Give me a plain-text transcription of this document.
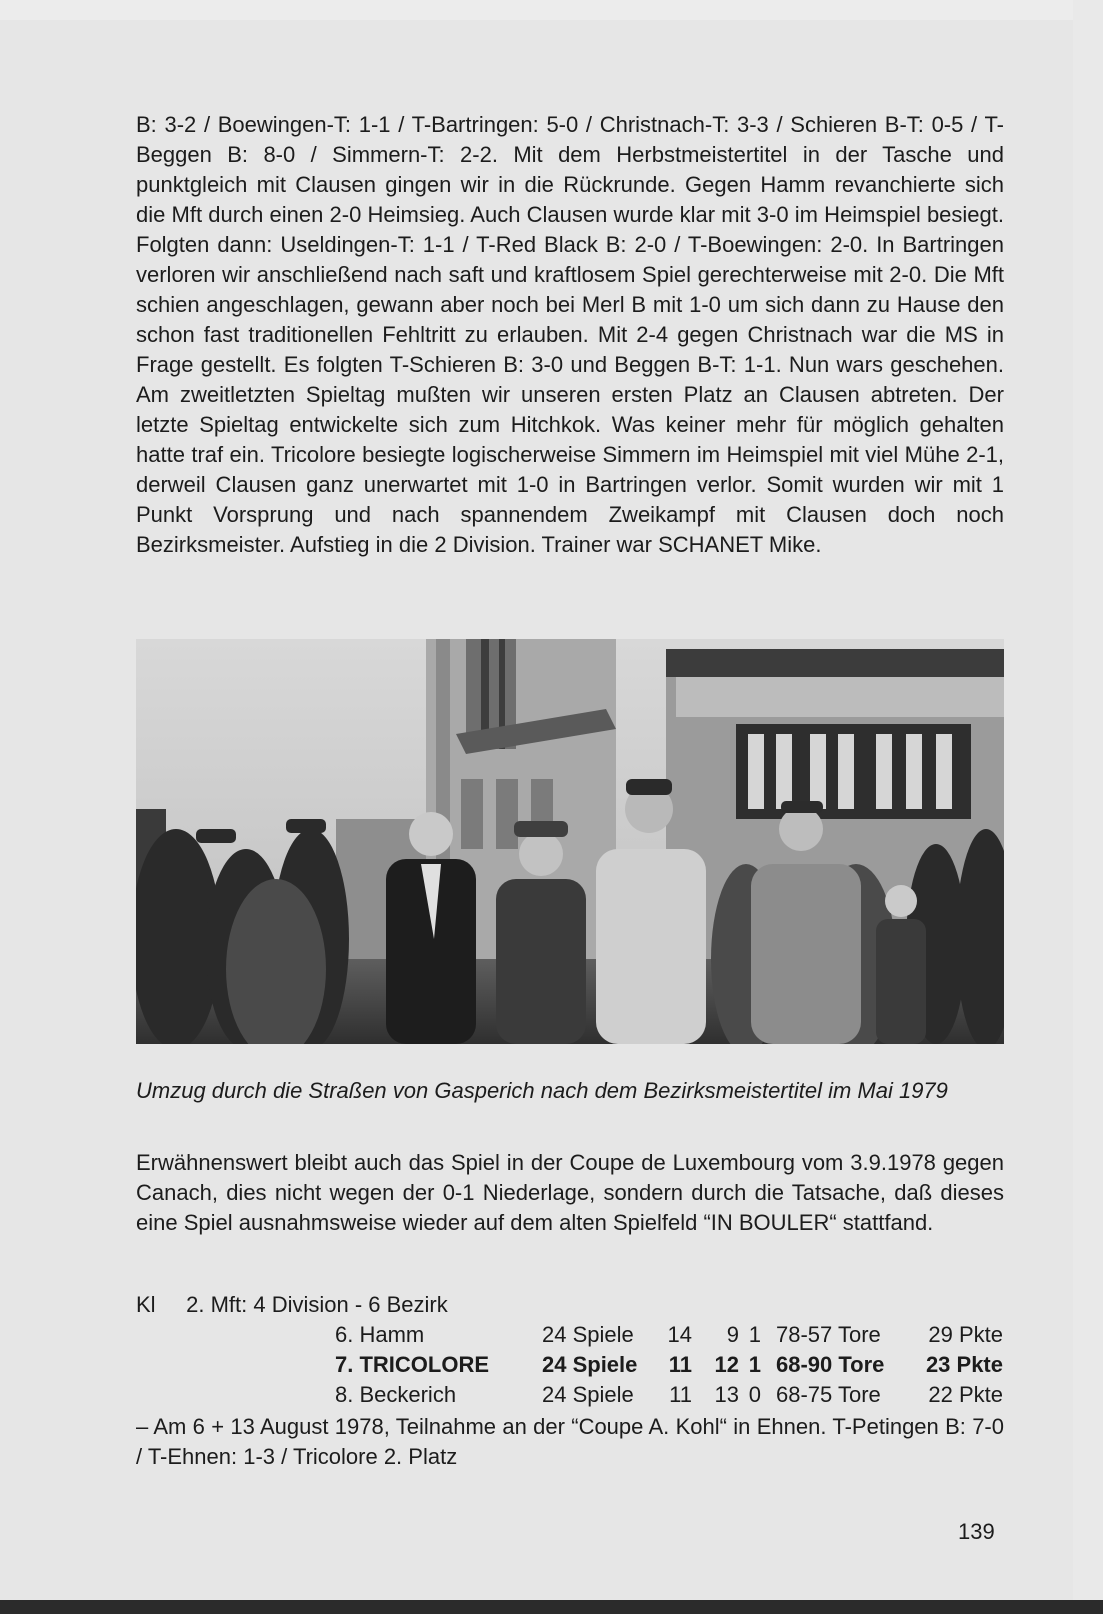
B: 3-2 / Boewingen-T: 1-1 / T-Bartringen: 5-0 / Christnach-T: 3-3 / Schieren B-T: 0-5 / T-Beggen B: 8-0 / Simmern-T: 2-2. Mit dem Herbstmeistertitel in der Tasche und punktgleich mit Clausen gingen wir in die Rückrunde. Gegen Hamm revanchierte sich die Mft durch einen 2-0 Heimsieg. Auch Clausen wurde klar mit 3-0 im Heimspiel besiegt. Folgten dann: Useldingen-T: 1-1 / T-Red Black B: 2-0 / T-Boewingen: 2-0. In Bartringen verloren wir anschließend nach saft und kraftlosem Spiel gerechterweise mit 2-0. Die Mft schien angeschlagen, gewann aber noch bei Merl B mit 1-0 um sich dann zu Hause den schon fast traditionellen Fehltritt zu erlauben. Mit 2-4 gegen Christnach war die MS in Frage gestellt. Es folgten T-Schieren B: 3-0 und Beggen B-T: 1-1. Nun wars geschehen. Am zweitletzten Spieltag mußten wir unseren ersten Platz an Clausen abtreten. Der letzte Spieltag entwickelte sich zum Hitchkok. Was keiner mehr für möglich gehalten hatte traf ein. Tricolore besiegte logischerweise Simmern im Heimspiel mit viel Mühe 2-1, derweil Clausen ganz unerwartet mit 1-0 in Bartringen verlor. Somit wurden wir mit 1 Punkt Vorsprung und nach spannendem Zweikampf mit Clausen doch noch Bezirksmeister. Aufstieg in die 2 Division. Trainer war SCHANET Mike.

Umzug durch die Straßen von Gasperich nach dem Bezirksmeistertitel im Mai 1979

Erwähnenswert bleibt auch das Spiel in der Coupe de Luxembourg vom 3.9.1978 gegen Canach, dies nicht wegen der 0-1 Niederlage, sondern durch die Tatsache, daß dieses eine Spiel ausnahmsweise wieder auf dem alten Spielfeld “IN BOULER“ stattfand.

Kl 2. Mft: 4 Division - 6 Bezirk
6. Hamm	24 Spiele 14 9 1 78-57 Tore 29 Pkte
7. TRICOLORE 24 Spiele 11 12 1 68-90 Tore 23 Pkte
8. Beckerich	24 Spiele 11 13 0 68-75 Tore 22 Pkte

– Am 6 + 13 August 1978, Teilnahme an der “Coupe A. Kohl“ in Ehnen. T-Petingen B: 7-0 / T-Ehnen: 1-3 / Tricolore 2. Platz

139
